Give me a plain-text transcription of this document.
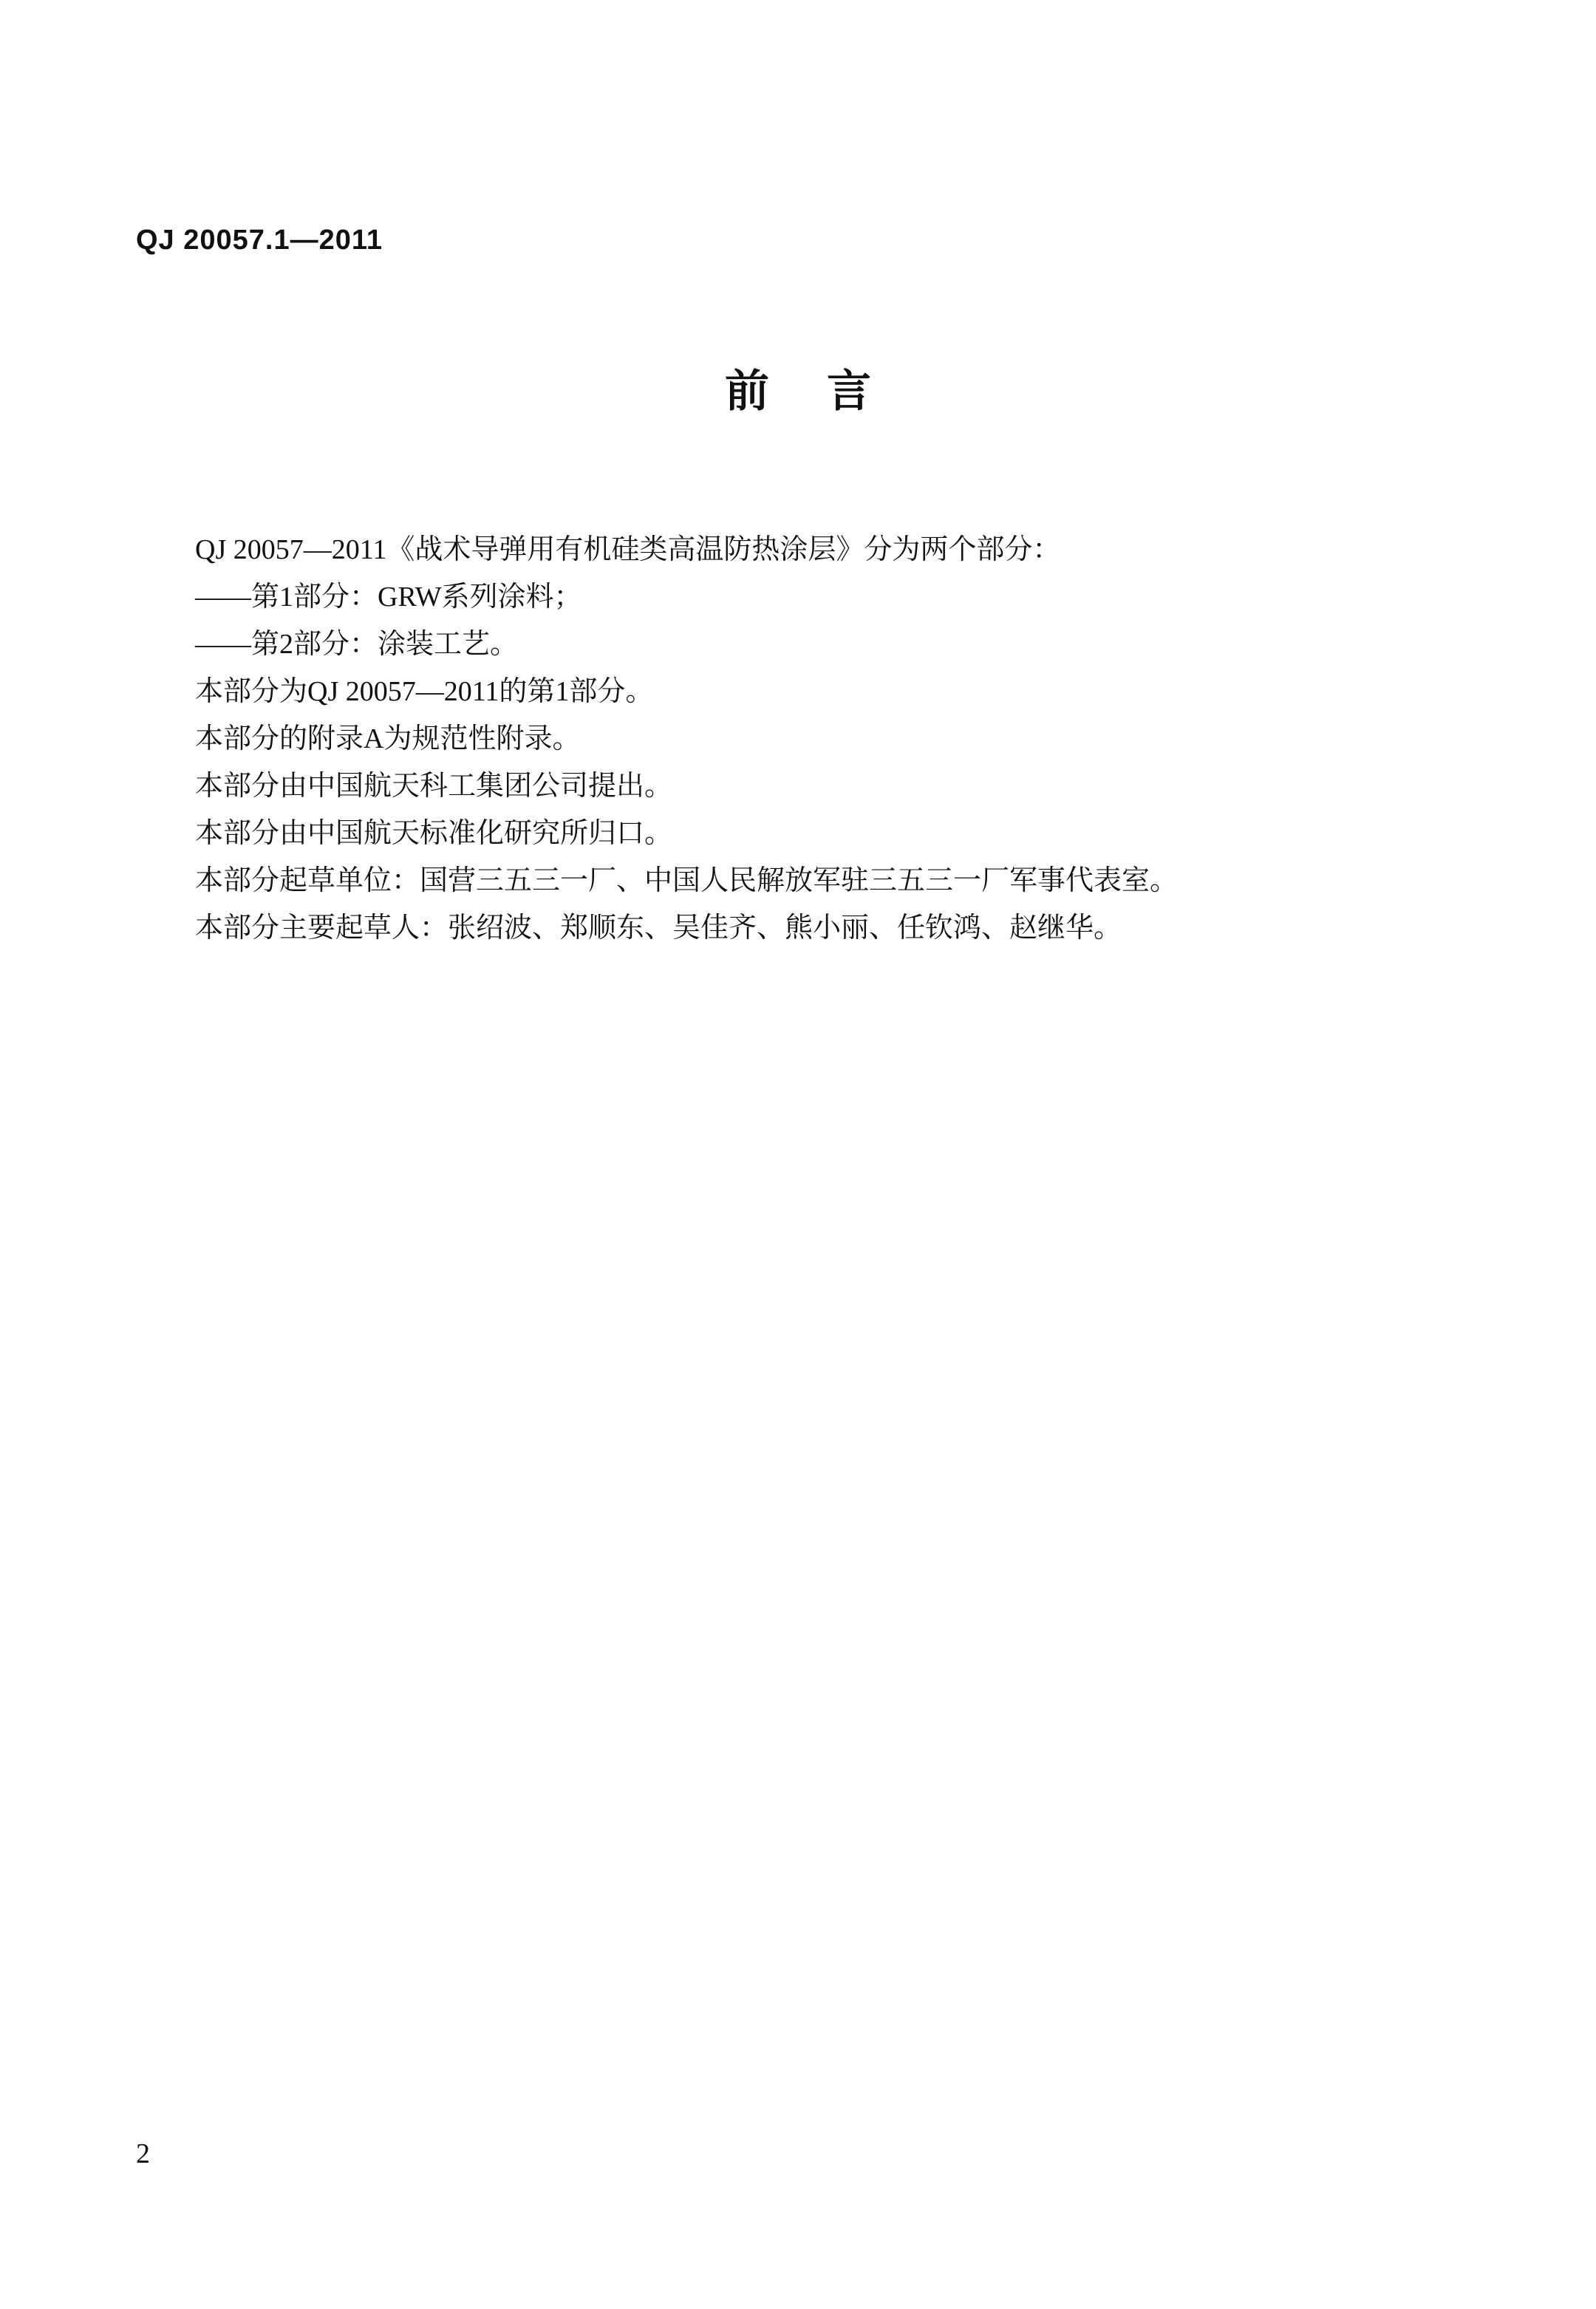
QJ 20057.1—2011
前言

QJ 20057—2011《战术导弹用有机硅类高温防热涂层》分为两个部分：

——第1部分：GRW系列涂料；

——第2部分：涂装工艺。

本部分为QJ 20057—2011的第1部分。

本部分的附录A为规范性附录。

本部分由中国航天科工集团公司提出。

本部分由中国航天标准化研究所归口。

本部分起草单位：国营三五三一厂、中国人民解放军驻三五三一厂军事代表室。

本部分主要起草人：张绍波、郑顺东、吴佳齐、熊小丽、任钦鸿、赵继华。

2
